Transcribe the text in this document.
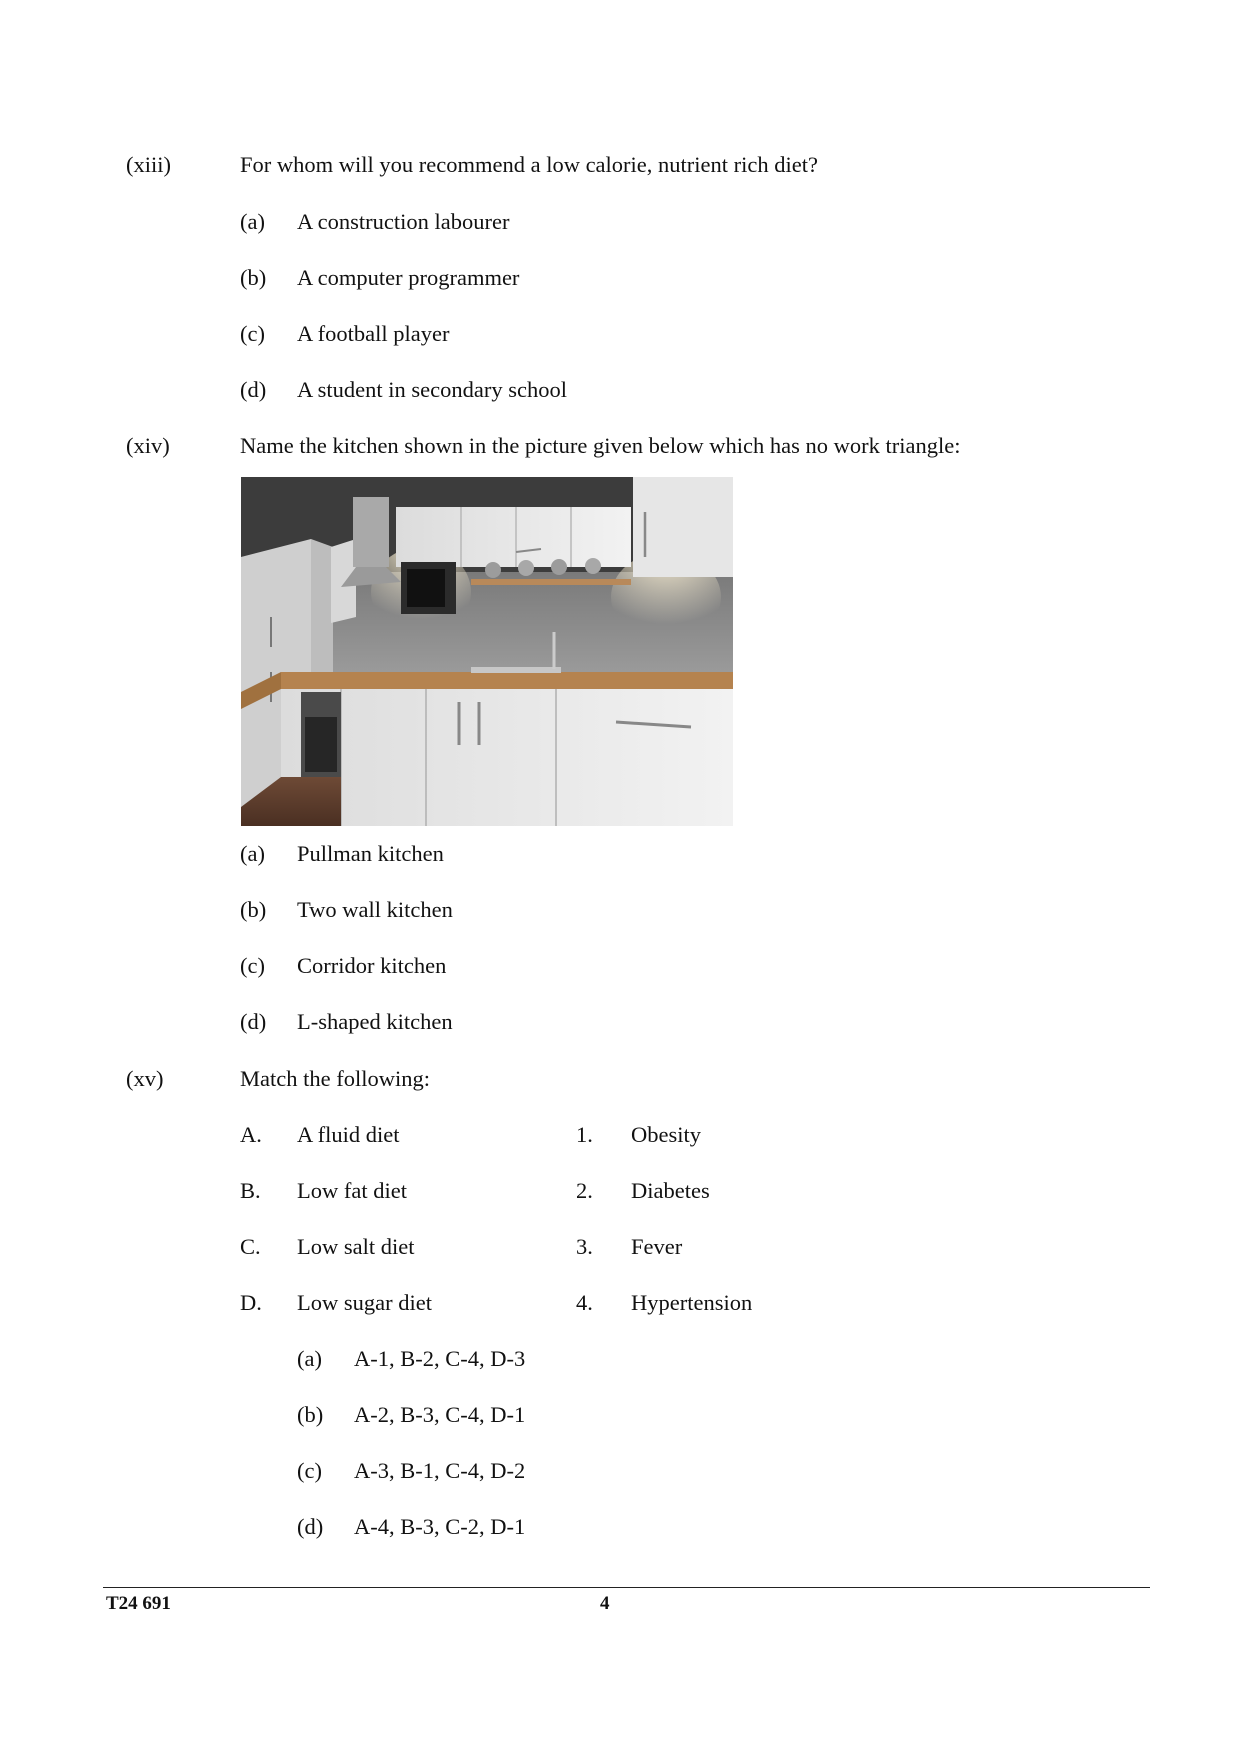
(xiii)	For whom will you recommend a low calorie, nutrient rich diet?
(a) A construction labourer
(b) A computer programmer
(c) A football player
(d) A student in secondary school
(xiv)	Name the kitchen shown in the picture given below which has no work triangle:
(a) Pullman kitchen
(b) Two wall kitchen
(c) Corridor kitchen
(d) L-shaped kitchen
(xv)	Match the following:
A. A fluid diet	1. Obesity
B. Low fat diet	2. Diabetes
C. Low salt diet	3. Fever
D. Low sugar diet	4. Hypertension
(a) A-1, B-2, C-4, D-3
(b) A-2, B-3, C-4, D-1
(c) A-3, B-1, C-4, D-2
(d) A-4, B-3, C-2, D-1
T24 691	4
